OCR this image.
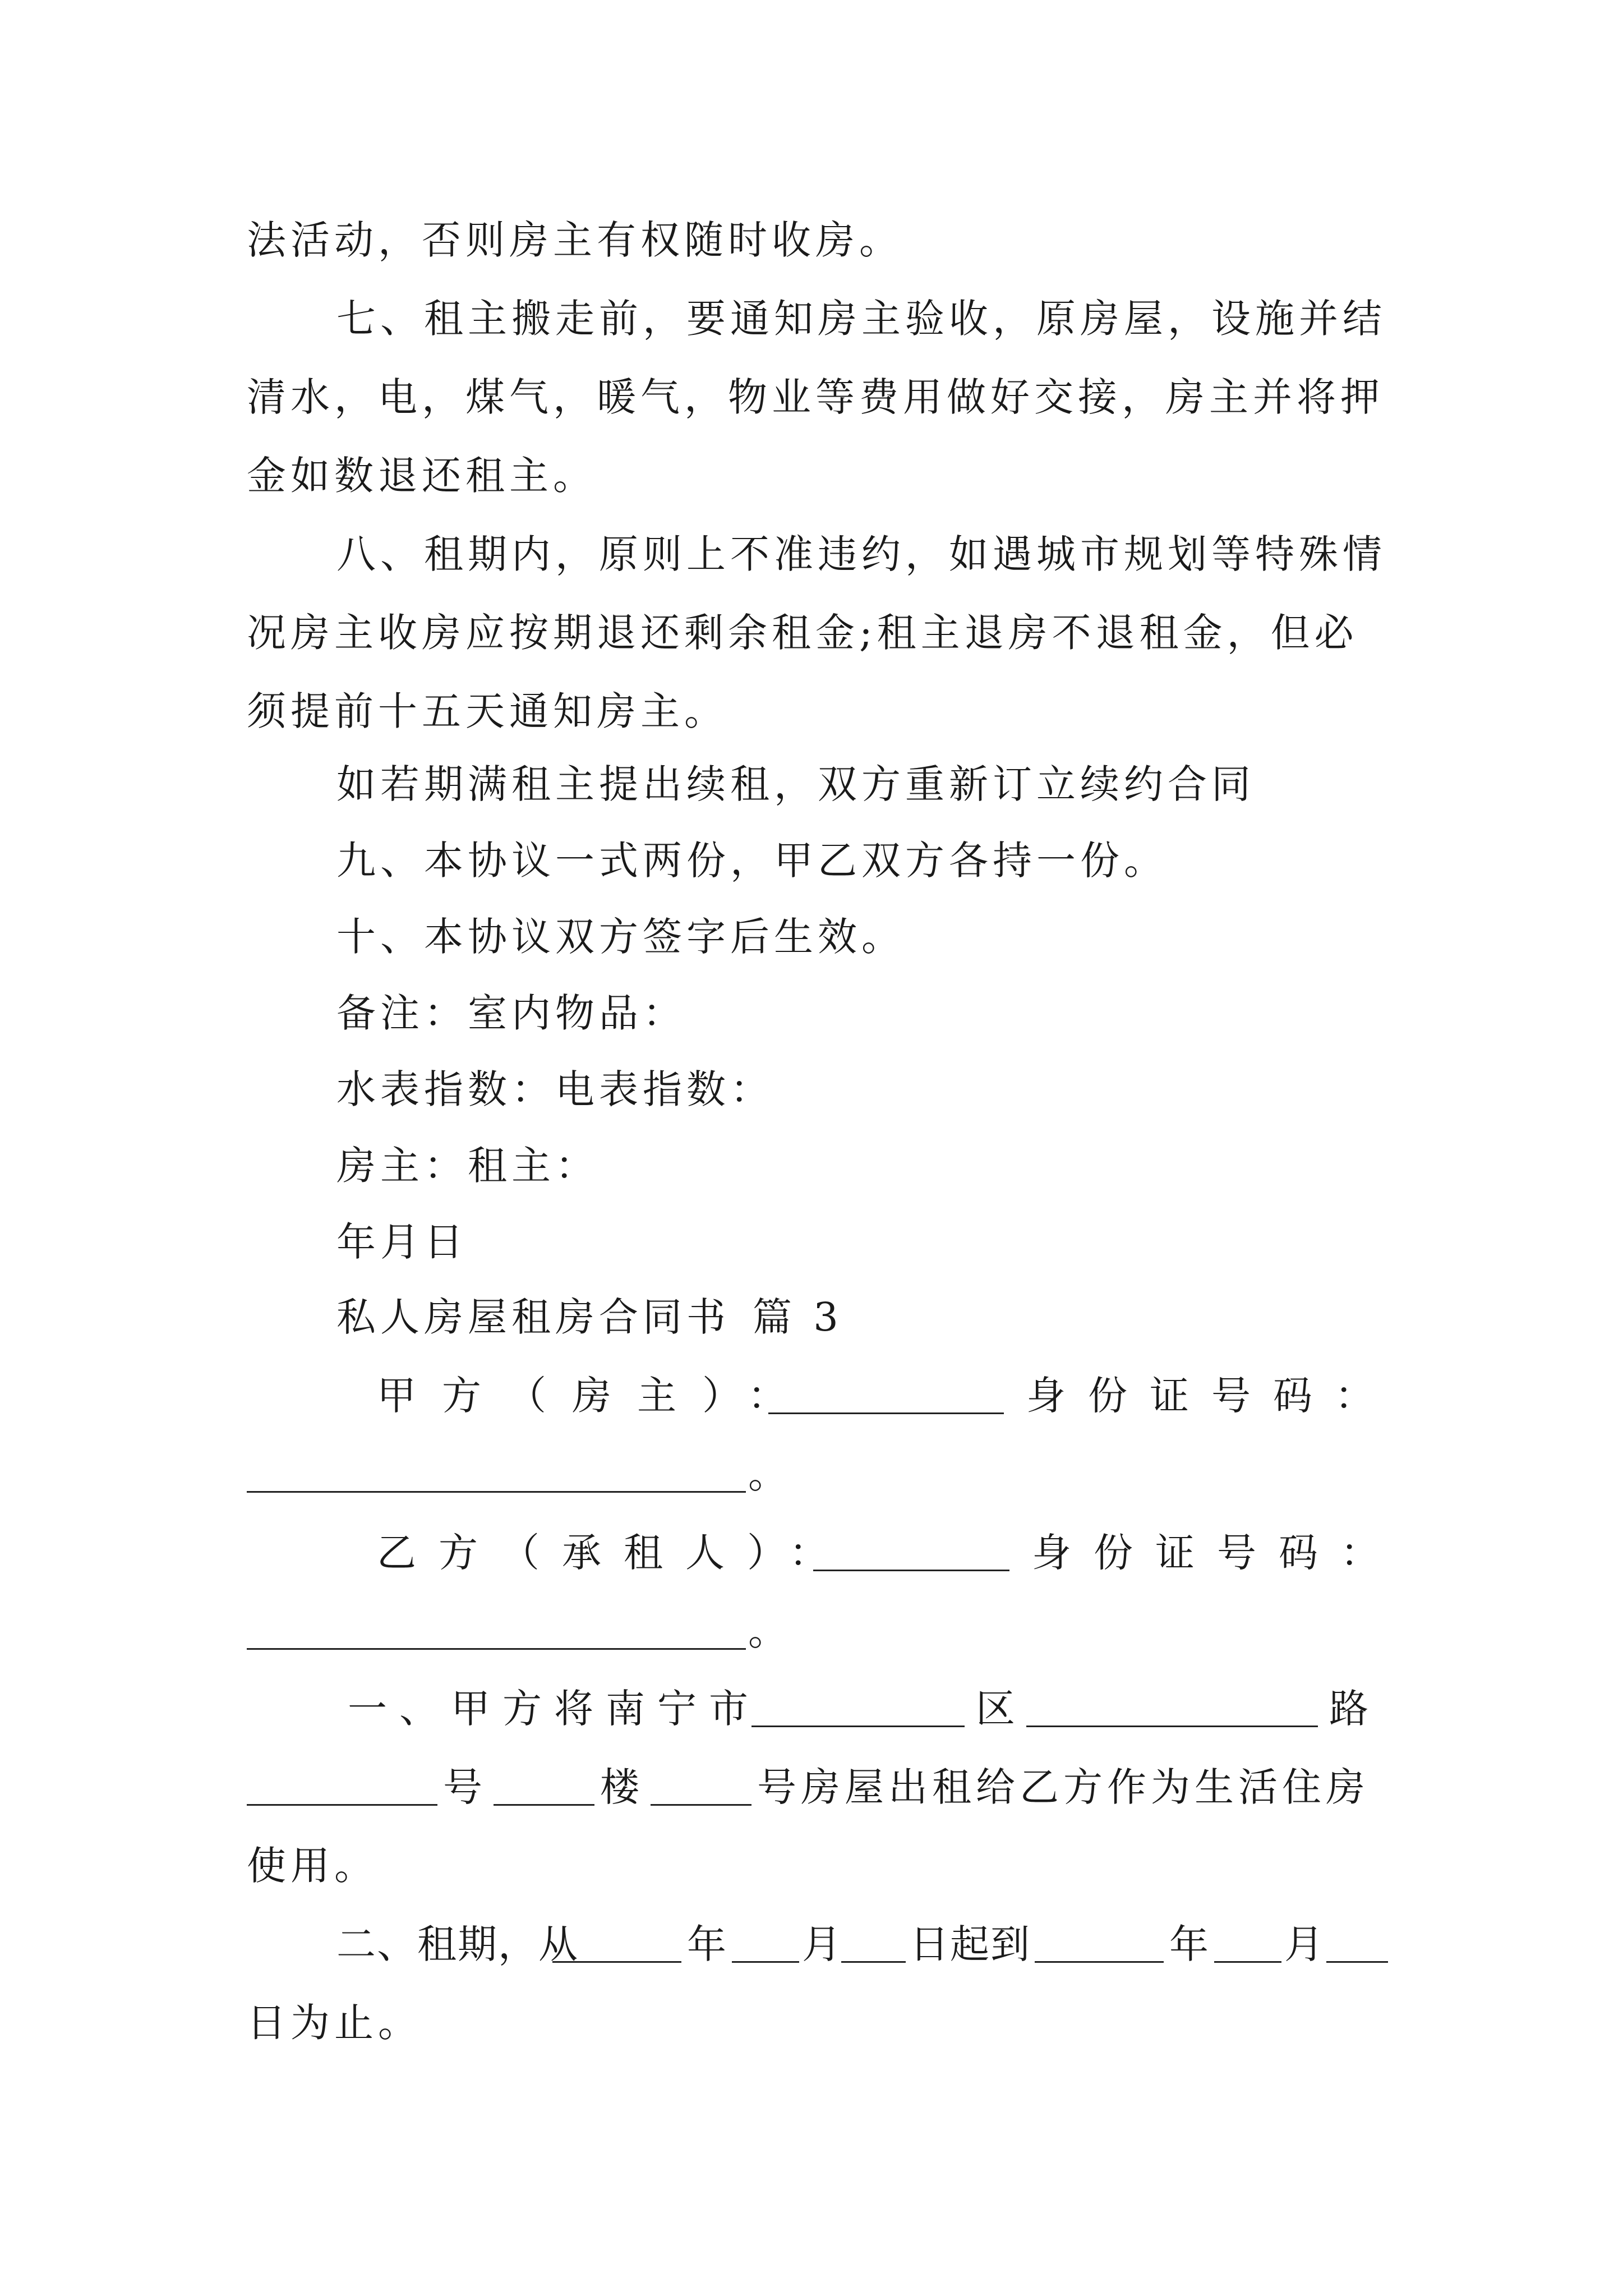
法活动，否则房主有权随时收房。
七、租主搬走前，要通知房主验收，原房屋，设施并结
清水，电，煤气，暖气，物业等费用做好交接，房主并将押
金如数退还租主。
八、租期内，原则上不准违约，如遇城市规划等特殊情
况房主收房应按期退还剩余租金;租主退房不退租金，但必
须提前十五天通知房主。
如若期满租主提出续租，双方重新订立续约合同
九、本协议一式两份，甲乙双方各持一份。
十、本协议双方签字后生效。
备注：室内物品：
水表指数：电表指数：
房主：租主：
年月日
私人房屋租房合同书 篇 3
甲方（房主）：	身份证号码：
。
乙方（承租人）：	身份证号码：
。
一、甲方将南宁市	区	路
号	楼	号房屋出租给乙方作为生活住房
使用。
二、租期，从	年 月 日起到	年 月
日为止。
